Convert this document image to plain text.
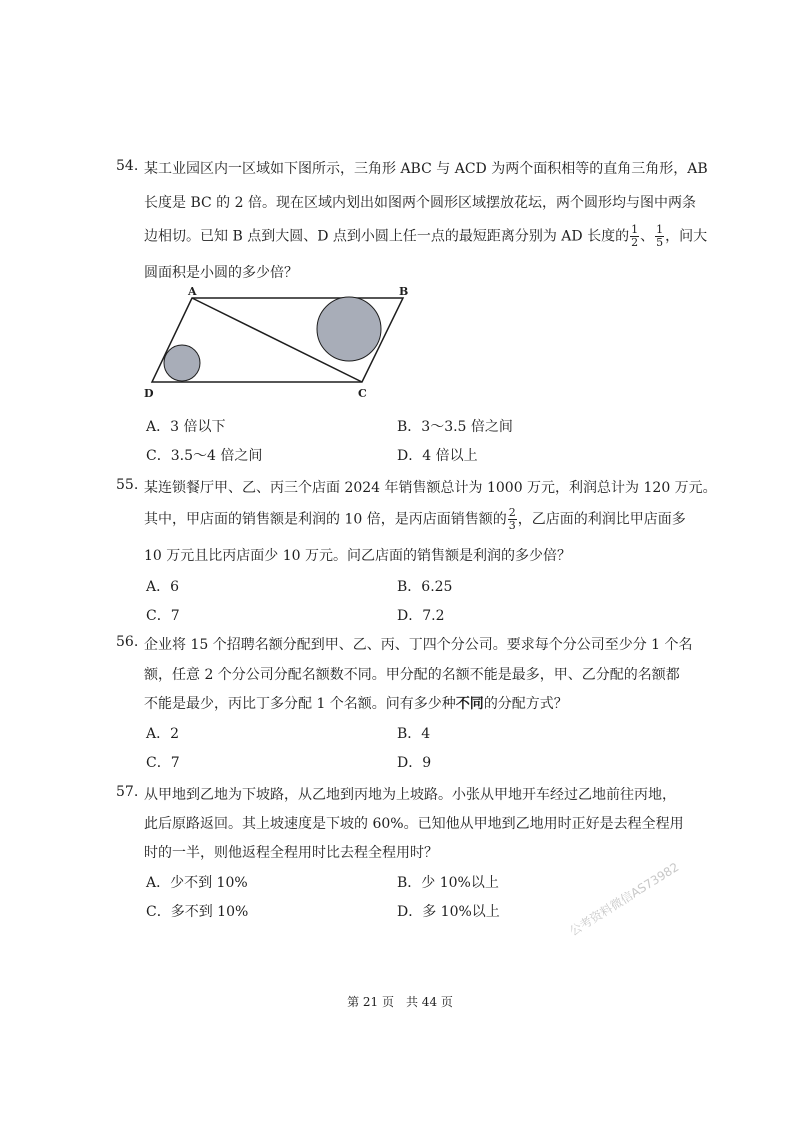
54. 某工业园区内一区域如下图所示，三角形 ABC 与 ACD 为两个面积相等的直角三角形，AB
长度是 BC 的 2 倍。现在区域内划出如图两个圆形区域摆放花坛，两个圆形均与图中两条
边相切。已知 B 点到大圆、D 点到小圆上任一点的最短距离分别为 AD 长度的 $\frac{1}{2}$ 、 $\frac{1}{5}$ ，问大
圆面积是小圆的多少倍？
A	B
C
D
A．3 倍以下	B．3～3.5 倍之间
C．3.5～4 倍之间	D．4 倍以上
55. 某连锁餐厅甲、乙、丙三个店面 2024 年销售额总计为 1000 万元，利润总计为 120 万元。
其中，甲店面的销售额是利润的 10 倍，是丙店面销售额的 $\frac{2}{3}$ ，乙店面的利润比甲店面多
10 万元且比丙店面少 10 万元。问乙店面的销售额是利润的多少倍？
A．6	B．6.25
C．7	D．7.2
56. 企业将 15 个招聘名额分配到甲、乙、丙、丁四个分公司。要求每个分公司至少分 1 个名
额，任意 2 个分公司分配名额数不同。甲分配的名额不能是最多，甲、乙分配的名额都
不能是最少，丙比丁多分配 1 个名额。问有多少种不同的分配方式？
A．2	B．4
C．7	D．9
57. 从甲地到乙地为下坡路，从乙地到丙地为上坡路。小张从甲地开车经过乙地前往丙地，
此后原路返回。其上坡速度是下坡的 60%。已知他从甲地到乙地用时正好是去程全程用
时的一半，则他返程全程用时比去程全程用时？
A．少不到 10%	B．少 10%以上
C．多不到 10%	D．多 10%以上	公考资料微信AS73982
第 21 页　共 44 页
